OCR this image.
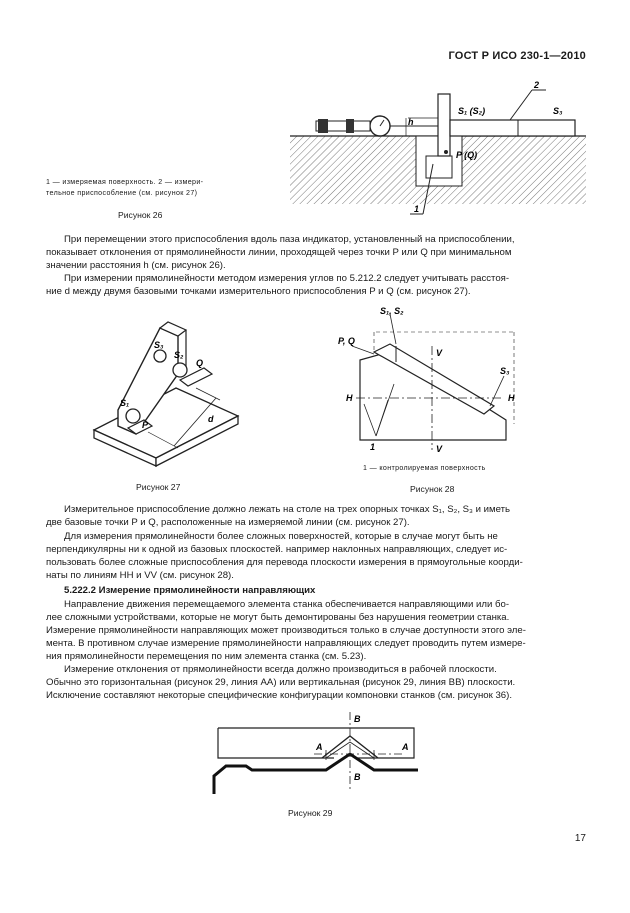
ГОСТ Р ИСО 230-1—2010
h
P (Q)
S₁ (S₂)	S₃
2
1
1 — измеряемая поверхность. 2 — измери-
тельное приспособление (см. рисунок 27)
Рисунок 26
При перемещении этого приспособления вдоль паза индикатор, установленный на приспособлении,
показывает отклонения от прямолинейности линии, проходящей через точки P или Q при минимальном
значении расстояния h (см. рисунок 26).
При измерении прямолинейности методом измерения углов по 5.212.2 следует учитывать расстоя-
ние d между двумя базовыми точками измерительного приспособления P и Q (см. рисунок 27).
d
S₃
S₂
S₁
Q
P
Рисунок 27
S₁, S₂
P, Q
S₃
H	H
V
V
1
1 — контролируемая поверхность
Рисунок 28
Измерительное приспособление должно лежать на столе на трех опорных точках S₁, S₂, S₃ и иметь
две базовые точки P и Q, расположенные на измеряемой линии (см. рисунок 27).
Для измерения прямолинейности более сложных поверхностей, которые в случае могут быть не
перпендикулярны ни к одной из базовых плоскостей. например наклонных направляющих, следует ис-
пользовать более сложные приспособления для перевода плоскости измерения в прямоугольные коорди-
наты по линиям HH и VV (см. рисунок 28).
5.222.2 Измерение прямолинейности направляющих
Направление движения перемещаемого элемента станка обеспечивается направляющими или бо-
лее сложными устройствами, которые не могут быть демонтированы без нарушения геометрии станка.
Измерение прямолинейности направляющих может производиться только в случае доступности этого эле-
мента. В противном случае измерение прямолинейности направляющих следует проводить путем измере-
ния прямолинейности перемещения по ним элемента станка (см. 5.23).
Измерение отклонения от прямолинейности всегда должно производиться в рабочей плоскости.
Обычно это горизонтальная (рисунок 29, линия AA) или вертикальная (рисунок 29, линия BB) плоскости.
Исключение составляют некоторые специфические конфигурации компоновки станков (см. рисунок 36).
A	A
B
B
Рисунок 29
17
